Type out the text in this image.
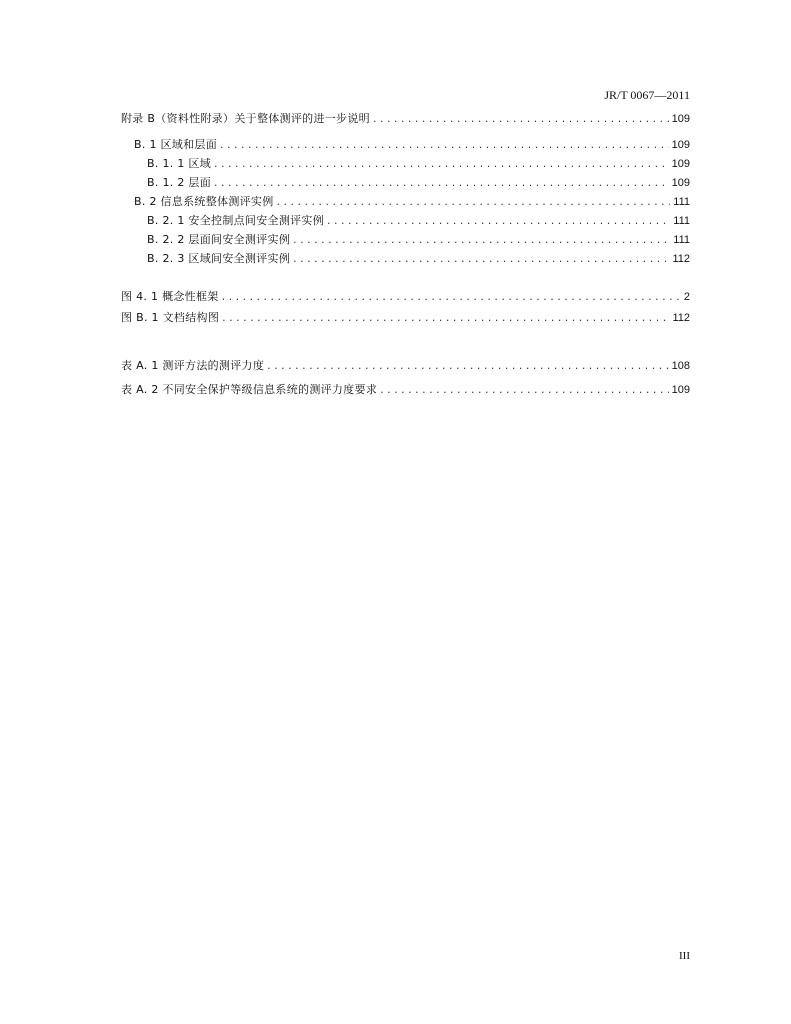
JR/T 0067—2011
附录 B（资料性附录）关于整体测评的进一步说明 . . .	109
B. 1 区域和层面 . . .	109
B. 1. 1 区域 . . .	109
B. 1. 2 层面 . . .	109
B. 2 信息系统整体测评实例 . . .	111
B. 2. 1 安全控制点间安全测评实例 . . .	111
B. 2. 2 层面间安全测评实例 . . .	111
B. 2. 3 区域间安全测评实例 . . .	112
图 4. 1 概念性框架 . . .	2
图 B. 1 文档结构图 . . .	112
表 A. 1 测评方法的测评力度 . . .	108
表 A. 2 不同安全保护等级信息系统的测评力度要求 . . .	109
III
